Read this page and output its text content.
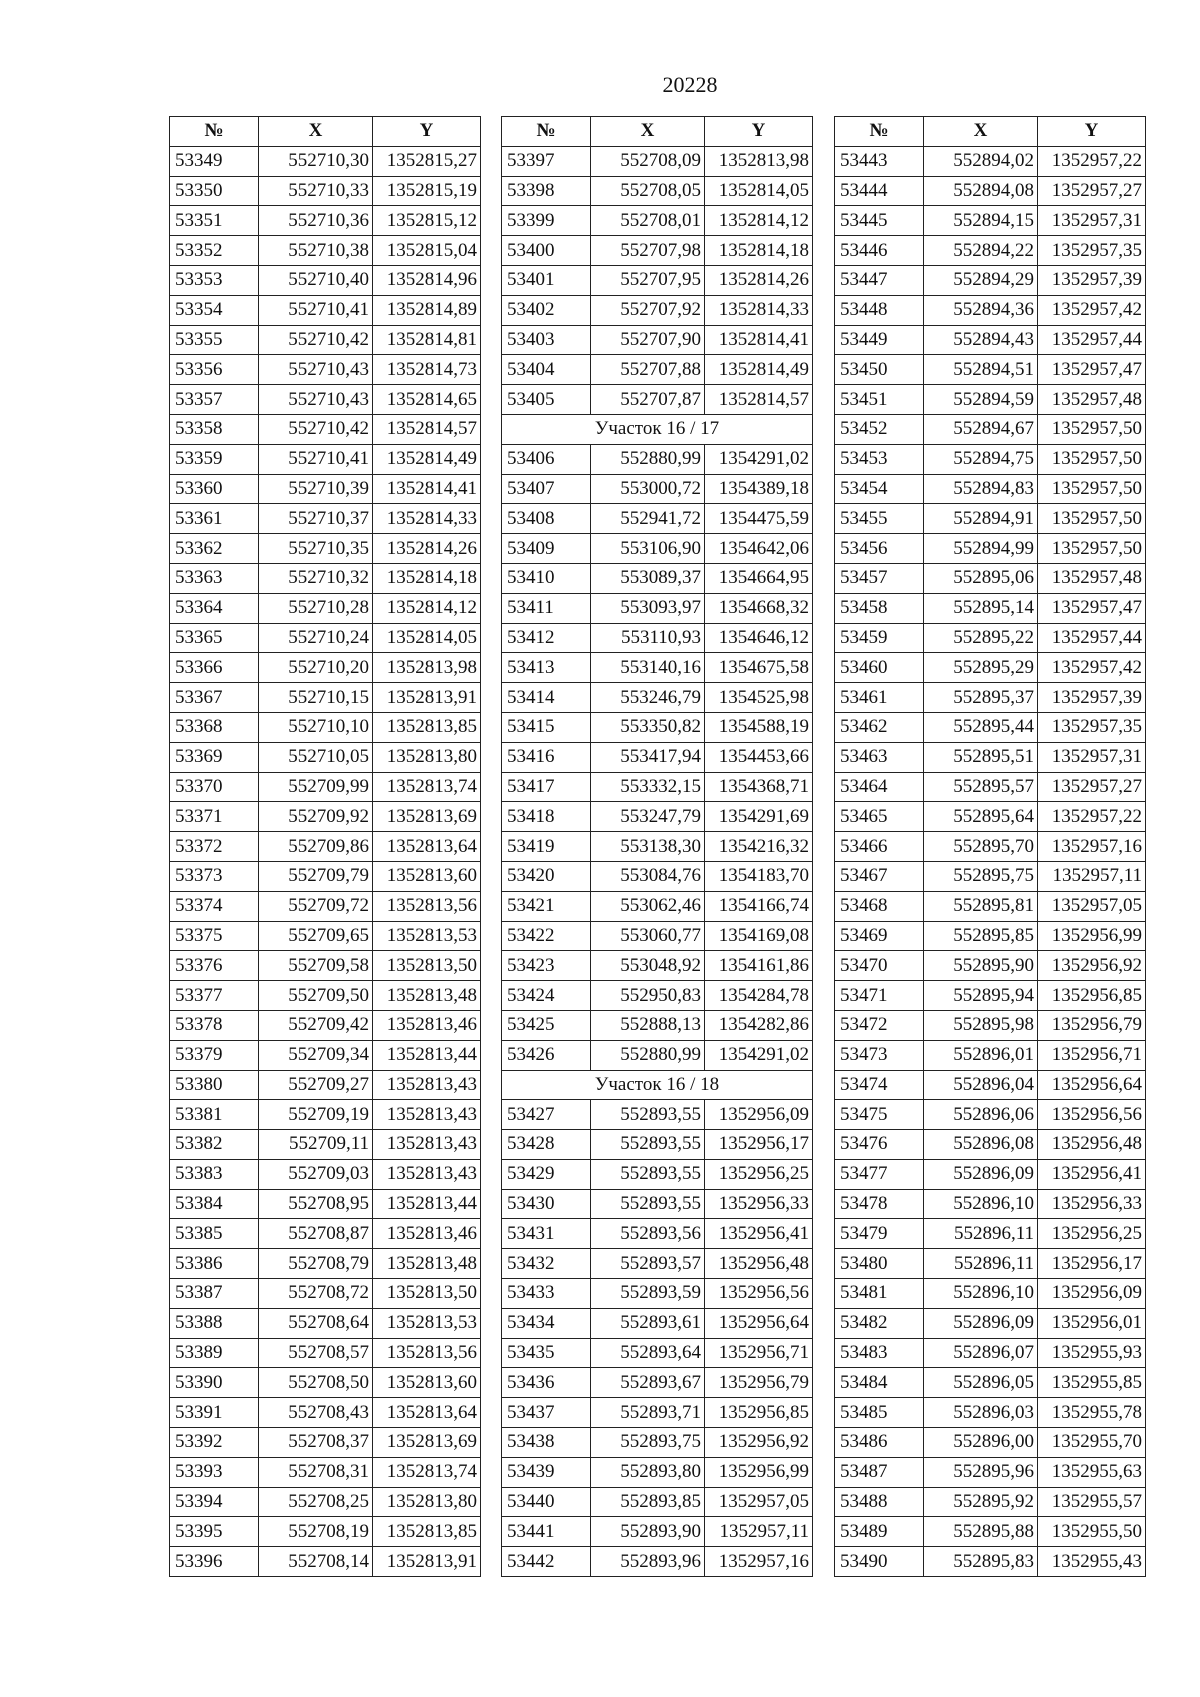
20228
№	X	Y
53349	552710,30	1352815,27
53350	552710,33	1352815,19
53351	552710,36	1352815,12
53352	552710,38	1352815,04
53353	552710,40	1352814,96
53354	552710,41	1352814,89
53355	552710,42	1352814,81
53356	552710,43	1352814,73
53357	552710,43	1352814,65
53358	552710,42	1352814,57
53359	552710,41	1352814,49
53360	552710,39	1352814,41
53361	552710,37	1352814,33
53362	552710,35	1352814,26
53363	552710,32	1352814,18
53364	552710,28	1352814,12
53365	552710,24	1352814,05
53366	552710,20	1352813,98
53367	552710,15	1352813,91
53368	552710,10	1352813,85
53369	552710,05	1352813,80
53370	552709,99	1352813,74
53371	552709,92	1352813,69
53372	552709,86	1352813,64
53373	552709,79	1352813,60
53374	552709,72	1352813,56
53375	552709,65	1352813,53
53376	552709,58	1352813,50
53377	552709,50	1352813,48
53378	552709,42	1352813,46
53379	552709,34	1352813,44
53380	552709,27	1352813,43
53381	552709,19	1352813,43
53382	552709,11	1352813,43
53383	552709,03	1352813,43
53384	552708,95	1352813,44
53385	552708,87	1352813,46
53386	552708,79	1352813,48
53387	552708,72	1352813,50
53388	552708,64	1352813,53
53389	552708,57	1352813,56
53390	552708,50	1352813,60
53391	552708,43	1352813,64
53392	552708,37	1352813,69
53393	552708,31	1352813,74
53394	552708,25	1352813,80
53395	552708,19	1352813,85
53396	552708,14	1352813,91
№	X	Y
53397	552708,09	1352813,98
53398	552708,05	1352814,05
53399	552708,01	1352814,12
53400	552707,98	1352814,18
53401	552707,95	1352814,26
53402	552707,92	1352814,33
53403	552707,90	1352814,41
53404	552707,88	1352814,49
53405	552707,87	1352814,57
Участок 16 / 17		
53406	552880,99	1354291,02
53407	553000,72	1354389,18
53408	552941,72	1354475,59
53409	553106,90	1354642,06
53410	553089,37	1354664,95
53411	553093,97	1354668,32
53412	553110,93	1354646,12
53413	553140,16	1354675,58
53414	553246,79	1354525,98
53415	553350,82	1354588,19
53416	553417,94	1354453,66
53417	553332,15	1354368,71
53418	553247,79	1354291,69
53419	553138,30	1354216,32
53420	553084,76	1354183,70
53421	553062,46	1354166,74
53422	553060,77	1354169,08
53423	553048,92	1354161,86
53424	552950,83	1354284,78
53425	552888,13	1354282,86
53426	552880,99	1354291,02
Участок 16 / 18		
53427	552893,55	1352956,09
53428	552893,55	1352956,17
53429	552893,55	1352956,25
53430	552893,55	1352956,33
53431	552893,56	1352956,41
53432	552893,57	1352956,48
53433	552893,59	1352956,56
53434	552893,61	1352956,64
53435	552893,64	1352956,71
53436	552893,67	1352956,79
53437	552893,71	1352956,85
53438	552893,75	1352956,92
53439	552893,80	1352956,99
53440	552893,85	1352957,05
53441	552893,90	1352957,11
53442	552893,96	1352957,16
№	X	Y
53443	552894,02	1352957,22
53444	552894,08	1352957,27
53445	552894,15	1352957,31
53446	552894,22	1352957,35
53447	552894,29	1352957,39
53448	552894,36	1352957,42
53449	552894,43	1352957,44
53450	552894,51	1352957,47
53451	552894,59	1352957,48
53452	552894,67	1352957,50
53453	552894,75	1352957,50
53454	552894,83	1352957,50
53455	552894,91	1352957,50
53456	552894,99	1352957,50
53457	552895,06	1352957,48
53458	552895,14	1352957,47
53459	552895,22	1352957,44
53460	552895,29	1352957,42
53461	552895,37	1352957,39
53462	552895,44	1352957,35
53463	552895,51	1352957,31
53464	552895,57	1352957,27
53465	552895,64	1352957,22
53466	552895,70	1352957,16
53467	552895,75	1352957,11
53468	552895,81	1352957,05
53469	552895,85	1352956,99
53470	552895,90	1352956,92
53471	552895,94	1352956,85
53472	552895,98	1352956,79
53473	552896,01	1352956,71
53474	552896,04	1352956,64
53475	552896,06	1352956,56
53476	552896,08	1352956,48
53477	552896,09	1352956,41
53478	552896,10	1352956,33
53479	552896,11	1352956,25
53480	552896,11	1352956,17
53481	552896,10	1352956,09
53482	552896,09	1352956,01
53483	552896,07	1352955,93
53484	552896,05	1352955,85
53485	552896,03	1352955,78
53486	552896,00	1352955,70
53487	552895,96	1352955,63
53488	552895,92	1352955,57
53489	552895,88	1352955,50
53490	552895,83	1352955,43
